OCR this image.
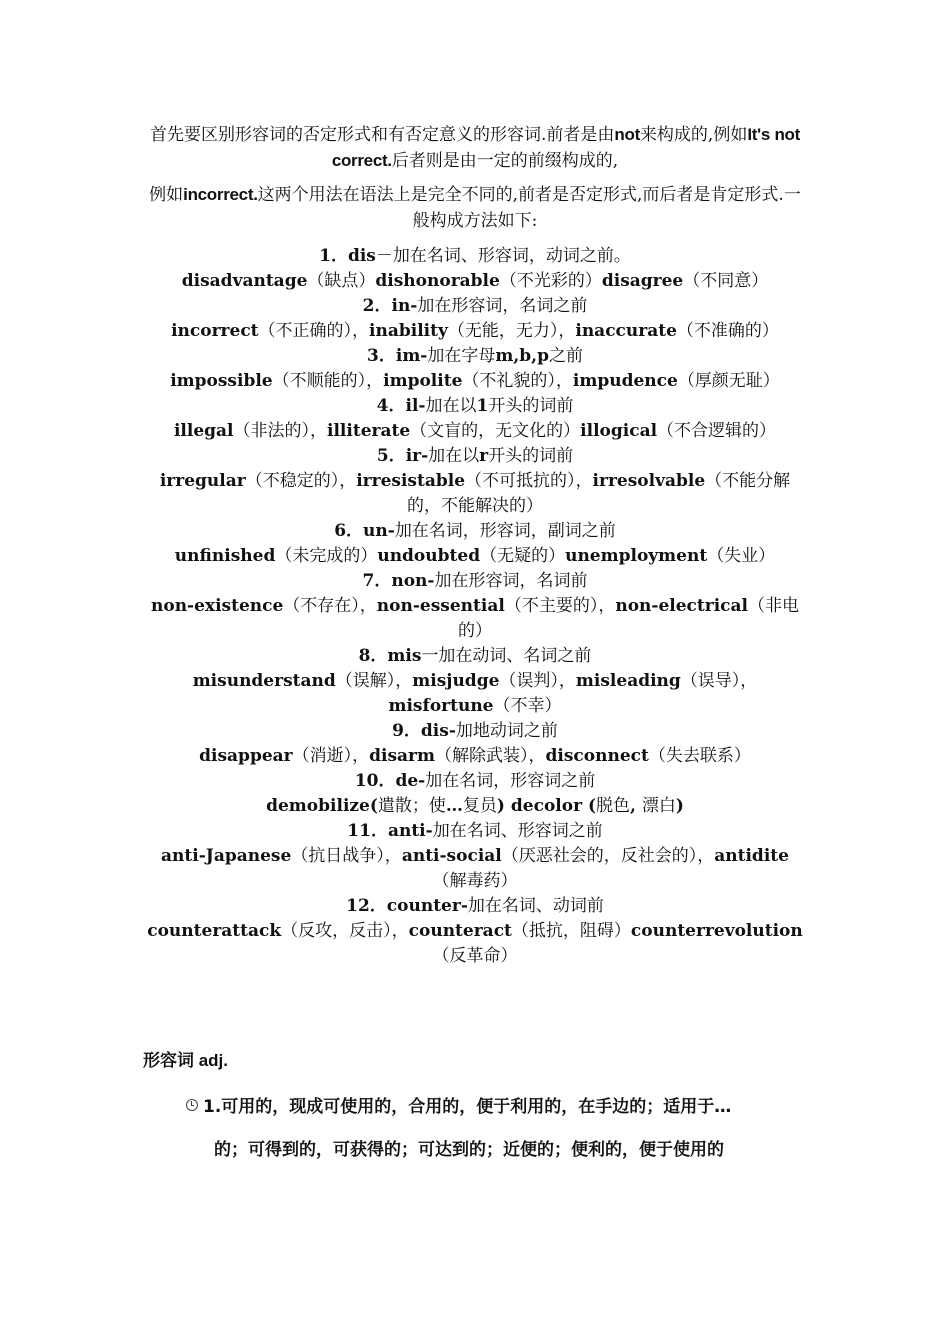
首先要区别形容词的否定形式和有否定意义的形容词.前者是由not来构成的,例如It's not correct.后者则是由一定的前缀构成的,

例如incorrect.这两个用法在语法上是完全不同的,前者是否定形式,而后者是肯定形式.一般构成方法如下:

1．dis－加在名词、形容词，动词之前。
disadvantage（缺点）dishonorable（不光彩的）disagree（不同意）
2．in-加在形容词，名词之前
incorrect（不正确的），inability（无能，无力），inaccurate（不准确的）
3．im-加在字母m,b,p之前
impossible（不顺能的），impolite（不礼貌的），impudence（厚颜无耻）
4．il-加在以1开头的词前
illegal（非法的），illiterate（文盲的，无文化的）illogical（不合逻辑的）
5．ir-加在以r开头的词前
irregular（不稳定的），irresistable（不可抵抗的），irresolvable（不能分解的，不能解决的）
6．un-加在名词，形容词，副词之前
unfinished（未完成的）undoubted（无疑的）unemployment（失业）
7．non-加在形容词，名词前
non-existence（不存在），non-essential（不主要的），non-electrical（非电的）
8．mis一加在动词、名词之前
misunderstand（误解），misjudge（误判），misleading（误导），misfortune（不幸）
9．dis-加地动词之前
disappear（消逝），disarm（解除武装），disconnect（失去联系）
10．de-加在名词，形容词之前
demobilize(遣散；使…复员) decolor (脱色, 漂白)
11．anti-加在名词、形容词之前
anti-Japanese（抗日战争），anti-social（厌恶社会的，反社会的），antidite（解毒药）
12．counter-加在名词、动词前
counterattack（反攻，反击），counteract（抵抗，阻碍）counterrevolution（反革命）
形容词 adj.
1.可用的，现成可使用的，合用的，便于利用的，在手边的；适用于…
的；可得到的，可获得的；可达到的；近便的；便利的，便于使用的
